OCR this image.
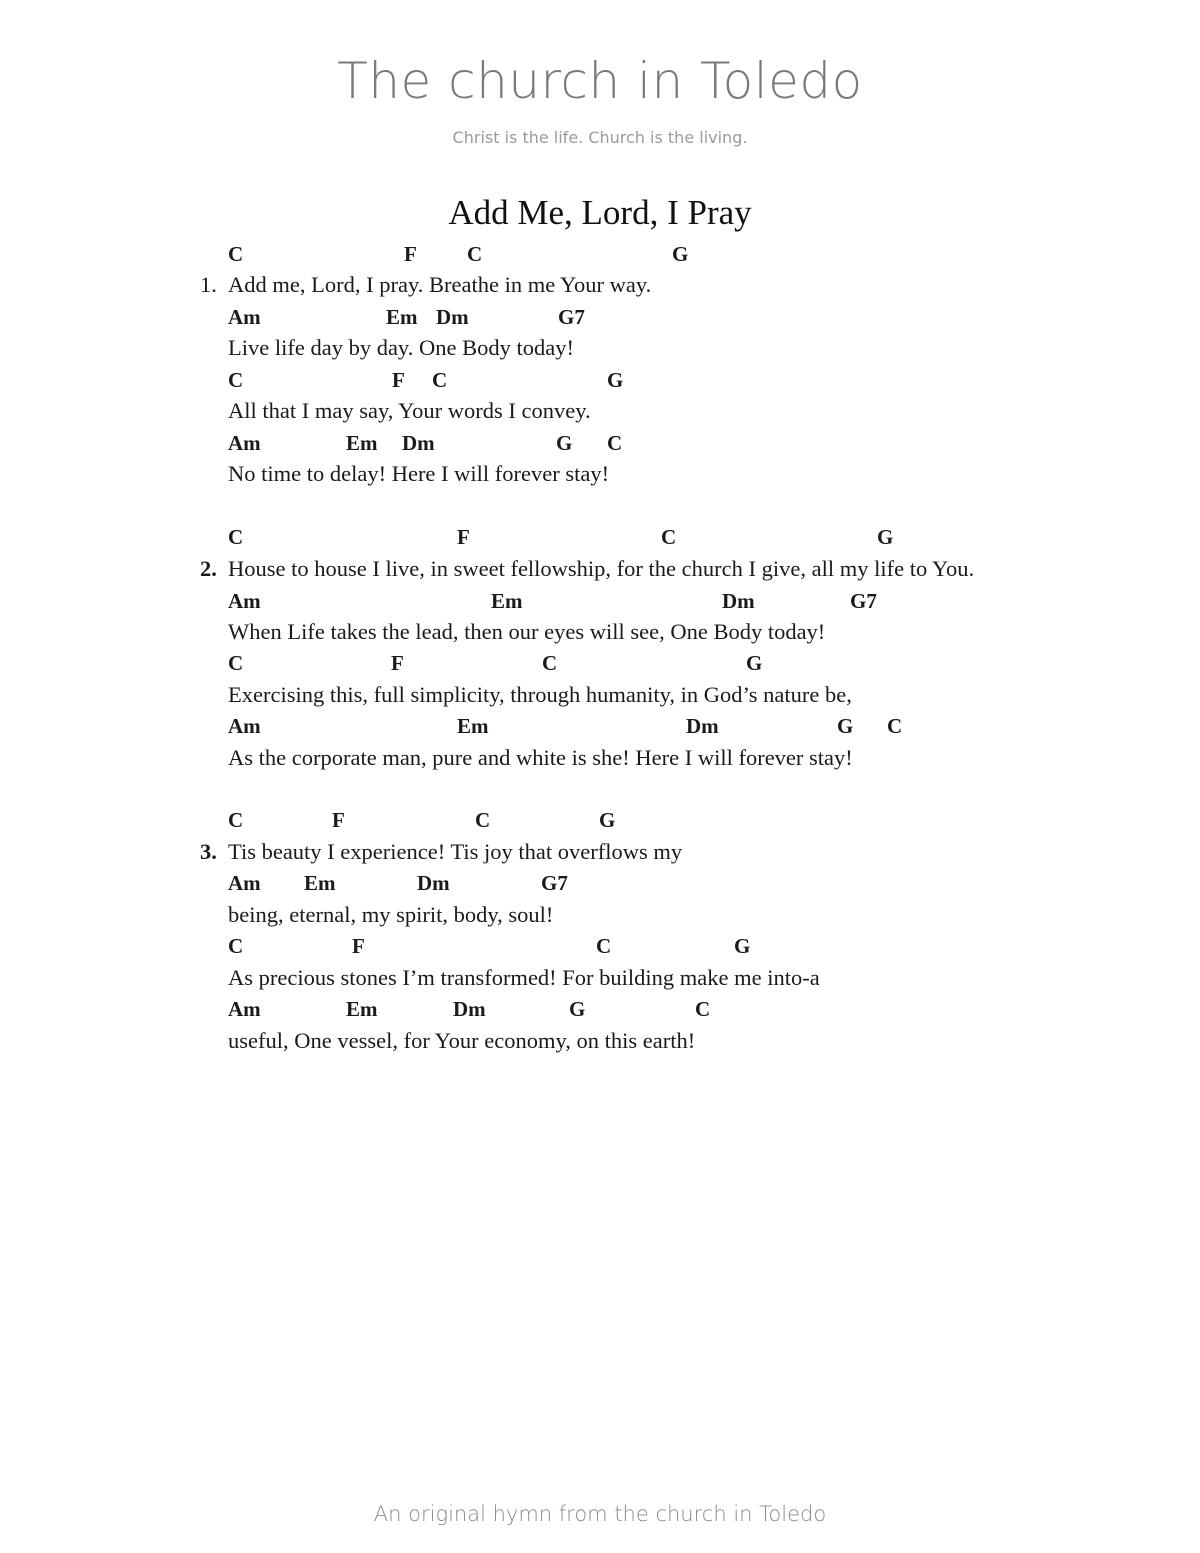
The church in Toledo
Christ is the life. Church is the living.
Add Me, Lord, I Pray
C	F C	G
1. Add me, Lord, I pray. Breathe in me Your way.
Am	Em Dm	G7
Live life day by day. One Body today!
C	F C	G
All that I may say, Your words I convey.
Am	Em Dm	G C
No time to delay! Here I will forever stay!
C	F	C	G
2. House to house I live, in sweet fellowship, for the church I give, all my life to You.
Am	Em	Dm	G7
When Life takes the lead, then our eyes will see, One Body today!
C	F	C	G
Exercising this, full simplicity, through humanity, in God’s nature be,
Am	Em	Dm	G C
As the corporate man, pure and white is she! Here I will forever stay!
C	F	C	G
3. Tis beauty I experience! Tis joy that overflows my
Am Em	Dm	G7
being, eternal, my spirit, body, soul!
C	F	C	G
As precious stones I’m transformed! For building make me into-a
Am	Em	Dm	G	C
useful, One vessel, for Your economy, on this earth!
An original hymn from the church in Toledo
